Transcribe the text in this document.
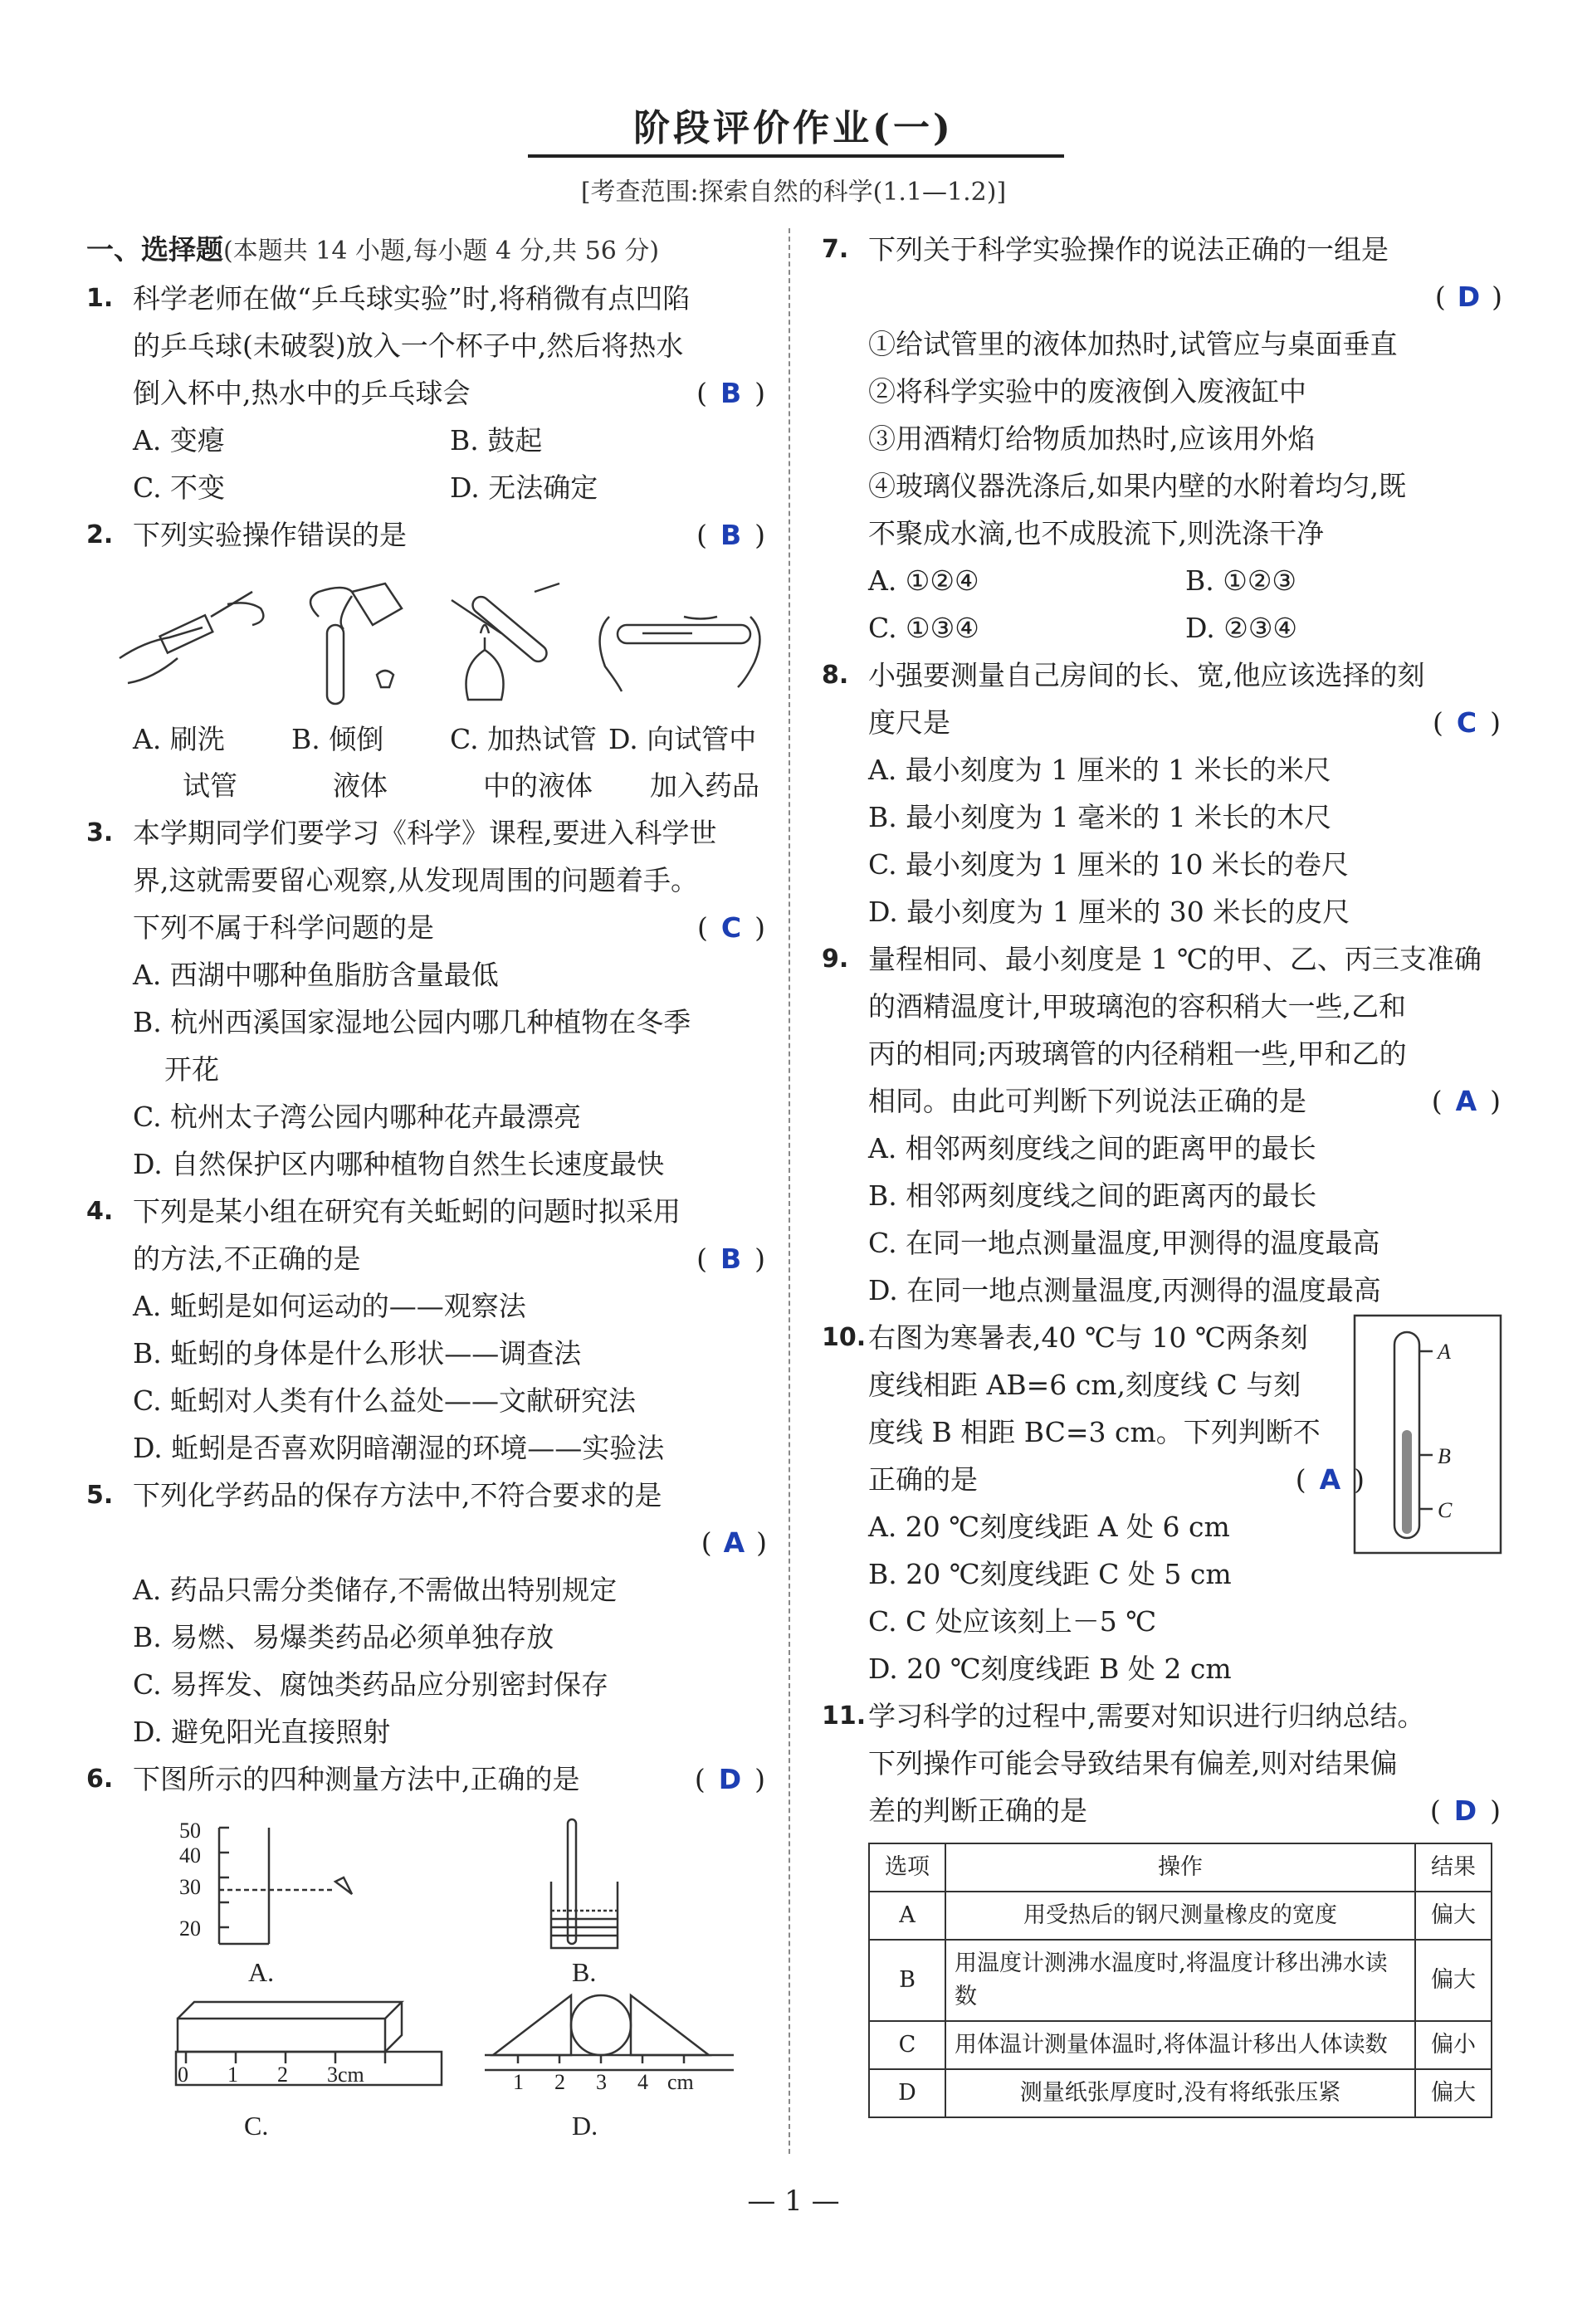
阶段评价作业(一)
[考查范围:探索自然的科学(1.1—1.2)]
一、选择题(本题共 14 小题,每小题 4 分,共 56 分)
1. 科学老师在做“乒乓球实验”时,将稍微有点凹陷
的乒乓球(未破裂)放入一个杯子中,然后将热水
倒入杯中,热水中的乒乓球会	( B )
A. 变瘪	B. 鼓起
C. 不变	D. 无法确定
2. 下列实验操作错误的是	( B )
A. 刷洗
试管
B. 倾倒
液体
C. 加热试管
中的液体
D. 向试管中
加入药品
3. 本学期同学们要学习《科学》课程,要进入科学世
界,这就需要留心观察,从发现周围的问题着手。
下列不属于科学问题的是	( C )
A. 西湖中哪种鱼脂肪含量最低
B. 杭州西溪国家湿地公园内哪几种植物在冬季
开花
C. 杭州太子湾公园内哪种花卉最漂亮
D. 自然保护区内哪种植物自然生长速度最快
4. 下列是某小组在研究有关蚯蚓的问题时拟采用
的方法,不正确的是	( B )
A. 蚯蚓是如何运动的——观察法
B. 蚯蚓的身体是什么形状——调查法
C. 蚯蚓对人类有什么益处——文献研究法
D. 蚯蚓是否喜欢阴暗潮湿的环境——实验法
5. 下列化学药品的保存方法中,不符合要求的是
( A )
A. 药品只需分类储存,不需做出特别规定
B. 易燃、易爆类药品必须单独存放
C. 易挥发、腐蚀类药品应分别密封保存
D. 避免阳光直接照射
6. 下图所示的四种测量方法中,正确的是	( D )
50
40
30
20
0 1 2 3cm	1 2 3 4 cm
A.	B.
C.	D.
7. 下列关于科学实验操作的说法正确的一组是
( D )
①给试管里的液体加热时,试管应与桌面垂直
②将科学实验中的废液倒入废液缸中
③用酒精灯给物质加热时,应该用外焰
④玻璃仪器洗涤后,如果内壁的水附着均匀,既
不聚成水滴,也不成股流下,则洗涤干净
A. ①②④	B. ①②③
C. ①③④	D. ②③④
8. 小强要测量自己房间的长、宽,他应该选择的刻
度尺是	( C )
A. 最小刻度为 1 厘米的 1 米长的米尺
B. 最小刻度为 1 毫米的 1 米长的木尺
C. 最小刻度为 1 厘米的 10 米长的卷尺
D. 最小刻度为 1 厘米的 30 米长的皮尺
9. 量程相同、最小刻度是 1 ℃的甲、乙、丙三支准确
的酒精温度计,甲玻璃泡的容积稍大一些,乙和
丙的相同;丙玻璃管的内径稍粗一些,甲和乙的
相同。由此可判断下列说法正确的是	( A )
A. 相邻两刻度线之间的距离甲的最长
B. 相邻两刻度线之间的距离丙的最长
C. 在同一地点测量温度,甲测得的温度最高
D. 在同一地点测量温度,丙测得的温度最高
10. 右图为寒暑表,40 ℃与 10 ℃两条刻
度线相距 AB=6 cm,刻度线 C 与刻
度线 B 相距 BC=3 cm。下列判断不
正确的是	( A )
A. 20 ℃刻度线距 A 处 6 cm
B. 20 ℃刻度线距 C 处 5 cm
C. C 处应该刻上－5 ℃
D. 20 ℃刻度线距 B 处 2 cm
A
B
C
11. 学习科学的过程中,需要对知识进行归纳总结。
下列操作可能会导致结果有偏差,则对结果偏
差的判断正确的是	( D )
选项	操作	结果
A	用受热后的钢尺测量橡皮的宽度	偏大
B	用温度计测沸水温度时,将温度计移出沸水读数	偏大
C	用体温计测量体温时,将体温计移出人体读数	偏小
D	测量纸张厚度时,没有将纸张压紧	偏大
— 1 —
